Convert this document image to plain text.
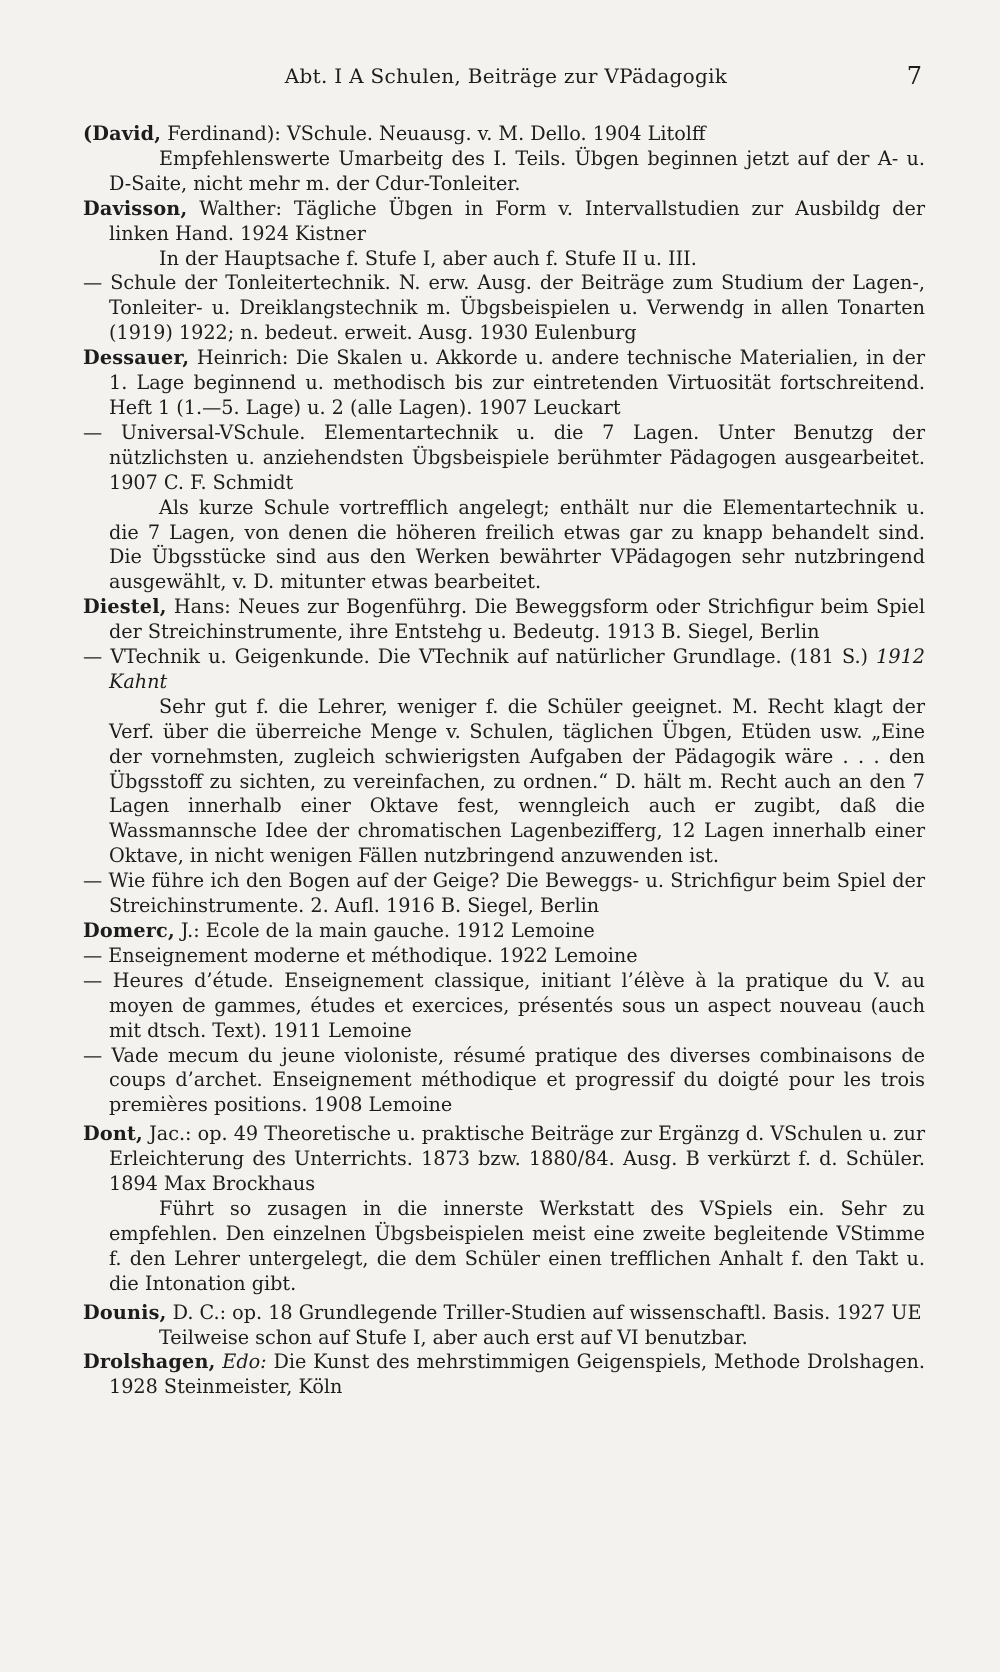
Abt. I A Schulen, Beiträge zur VPädagogik	7
(David, Ferdinand): VSchule. Neuausg. v. M. Dello. 1904 Litolff
Empfehlenswerte Umarbeitg des I. Teils. Übgen beginnen jetzt auf der A- u. D-Saite, nicht mehr m. der Cdur-Tonleiter.
Davisson, Walther: Tägliche Übgen in Form v. Intervallstudien zur Ausbildg der linken Hand. 1924 Kistner
In der Hauptsache f. Stufe I, aber auch f. Stufe II u. III.
— Schule der Tonleitertechnik. N. erw. Ausg. der Beiträge zum Studium der Lagen-, Tonleiter- u. Dreiklangstechnik m. Übgsbeispielen u. Verwendg in allen Tonarten (1919) 1922; n. bedeut. erweit. Ausg. 1930 Eulenburg
Dessauer, Heinrich: Die Skalen u. Akkorde u. andere technische Materialien, in der 1. Lage beginnend u. methodisch bis zur eintretenden Virtuosität fortschreitend. Heft 1 (1.—5. Lage) u. 2 (alle Lagen). 1907 Leuckart
— Universal-VSchule. Elementartechnik u. die 7 Lagen. Unter Benutzg der nützlichsten u. anziehendsten Übgsbeispiele berühmter Pädagogen ausgearbeitet. 1907 C. F. Schmidt
Als kurze Schule vortrefflich angelegt; enthält nur die Elementartechnik u. die 7 Lagen, von denen die höheren freilich etwas gar zu knapp behandelt sind. Die Übgsstücke sind aus den Werken bewährter VPädagogen sehr nutzbringend ausgewählt, v. D. mitunter etwas bearbeitet.
Diestel, Hans: Neues zur Bogenführg. Die Beweggsform oder Strichfigur beim Spiel der Streichinstrumente, ihre Entstehg u. Bedeutg. 1913 B. Siegel, Berlin
— VTechnik u. Geigenkunde. Die VTechnik auf natürlicher Grundlage. (181 S.) 1912 Kahnt
Sehr gut f. die Lehrer, weniger f. die Schüler geeignet. M. Recht klagt der Verf. über die überreiche Menge v. Schulen, täglichen Übgen, Etüden usw. „Eine der vornehmsten, zugleich schwierigsten Aufgaben der Pädagogik wäre . . . den Übgsstoff zu sichten, zu vereinfachen, zu ordnen.“ D. hält m. Recht auch an den 7 Lagen innerhalb einer Oktave fest, wenngleich auch er zugibt, daß die Wassmannsche Idee der chromatischen Lagenbezifferg, 12 Lagen innerhalb einer Oktave, in nicht wenigen Fällen nutzbringend anzuwenden ist.
— Wie führe ich den Bogen auf der Geige? Die Beweggs- u. Strichfigur beim Spiel der Streichinstrumente. 2. Aufl. 1916 B. Siegel, Berlin
Domerc, J.: Ecole de la main gauche. 1912 Lemoine
— Enseignement moderne et méthodique. 1922 Lemoine
— Heures d’étude. Enseignement classique, initiant l’élève à la pratique du V. au moyen de gammes, études et exercices, présentés sous un aspect nouveau (auch mit dtsch. Text). 1911 Lemoine
— Vade mecum du jeune violoniste, résumé pratique des diverses combinaisons de coups d’archet. Enseignement méthodique et progressif du doigté pour les trois premières positions. 1908 Lemoine
Dont, Jac.: op. 49 Theoretische u. praktische Beiträge zur Ergänzg d. VSchulen u. zur Erleichterung des Unterrichts. 1873 bzw. 1880/84. Ausg. B verkürzt f. d. Schüler. 1894 Max Brockhaus
Führt so zusagen in die innerste Werkstatt des VSpiels ein. Sehr zu empfehlen. Den einzelnen Übgsbeispielen meist eine zweite begleitende VStimme f. den Lehrer untergelegt, die dem Schüler einen trefflichen Anhalt f. den Takt u. die Intonation gibt.
Dounis, D. C.: op. 18 Grundlegende Triller-Studien auf wissenschaftl. Basis. 1927 UE
Teilweise schon auf Stufe I, aber auch erst auf VI benutzbar.
Drolshagen, Edo: Die Kunst des mehrstimmigen Geigenspiels, Methode Drolshagen. 1928 Steinmeister, Köln
